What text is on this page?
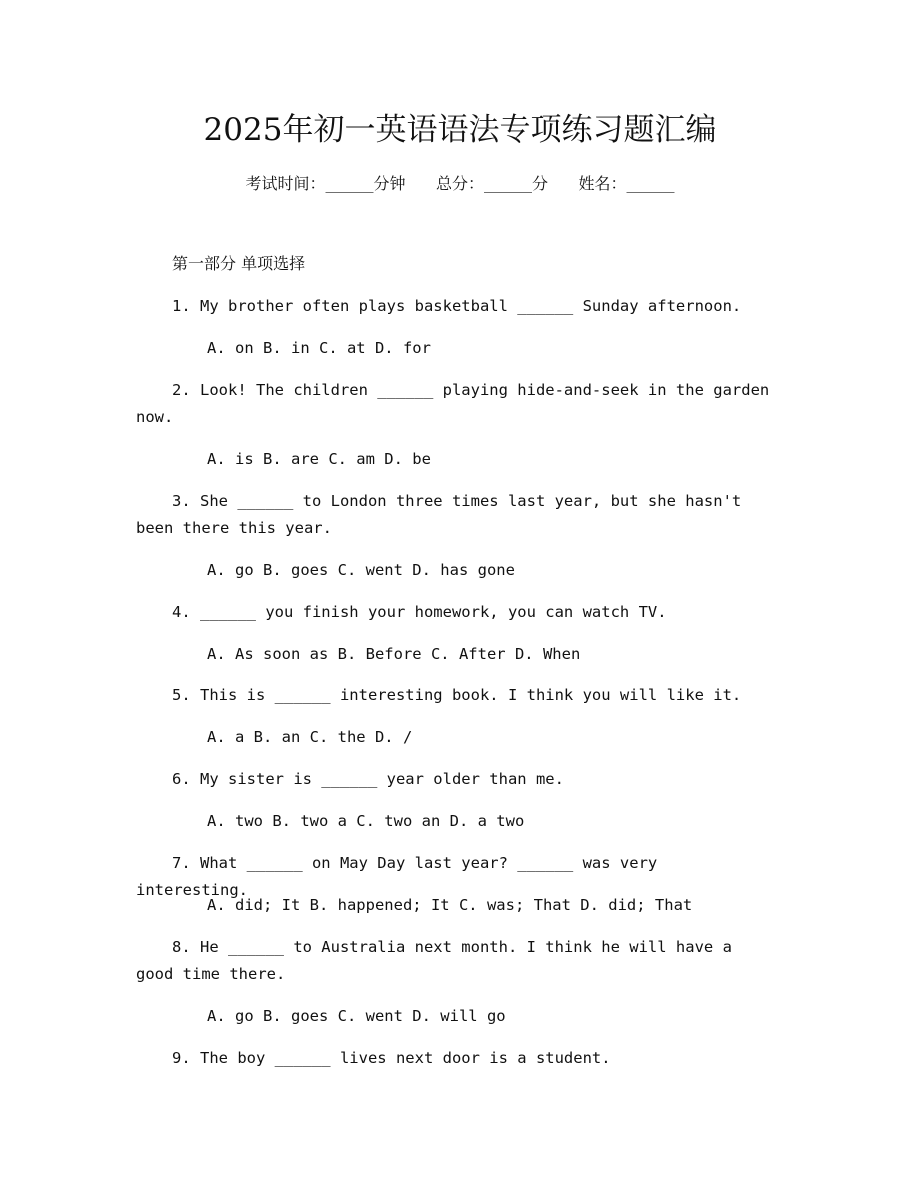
2025年初一英语语法专项练习题汇编
考试时间：______分钟 总分：______分 姓名：______
第一部分 单项选择
1. My brother often plays basketball ______ Sunday afternoon.
A. on B. in C. at D. for
2. Look! The children ______ playing hide-and-seek in the garden now.
A. is B. are C. am D. be
3. She ______ to London three times last year, but she hasn't been there this year.
A. go B. goes C. went D. has gone
4. ______ you finish your homework, you can watch TV.
A. As soon as B. Before C. After D. When
5. This is ______ interesting book. I think you will like it.
A. a B. an C. the D. /
6. My sister is ______ year older than me.
A. two B. two a C. two an D. a two
7. What ______ on May Day last year? ______ was very interesting.
A. did; It B. happened; It C. was; That D. did; That
8. He ______ to Australia next month. I think he will have a good time there.
A. go B. goes C. went D. will go
9. The boy ______ lives next door is a student.
